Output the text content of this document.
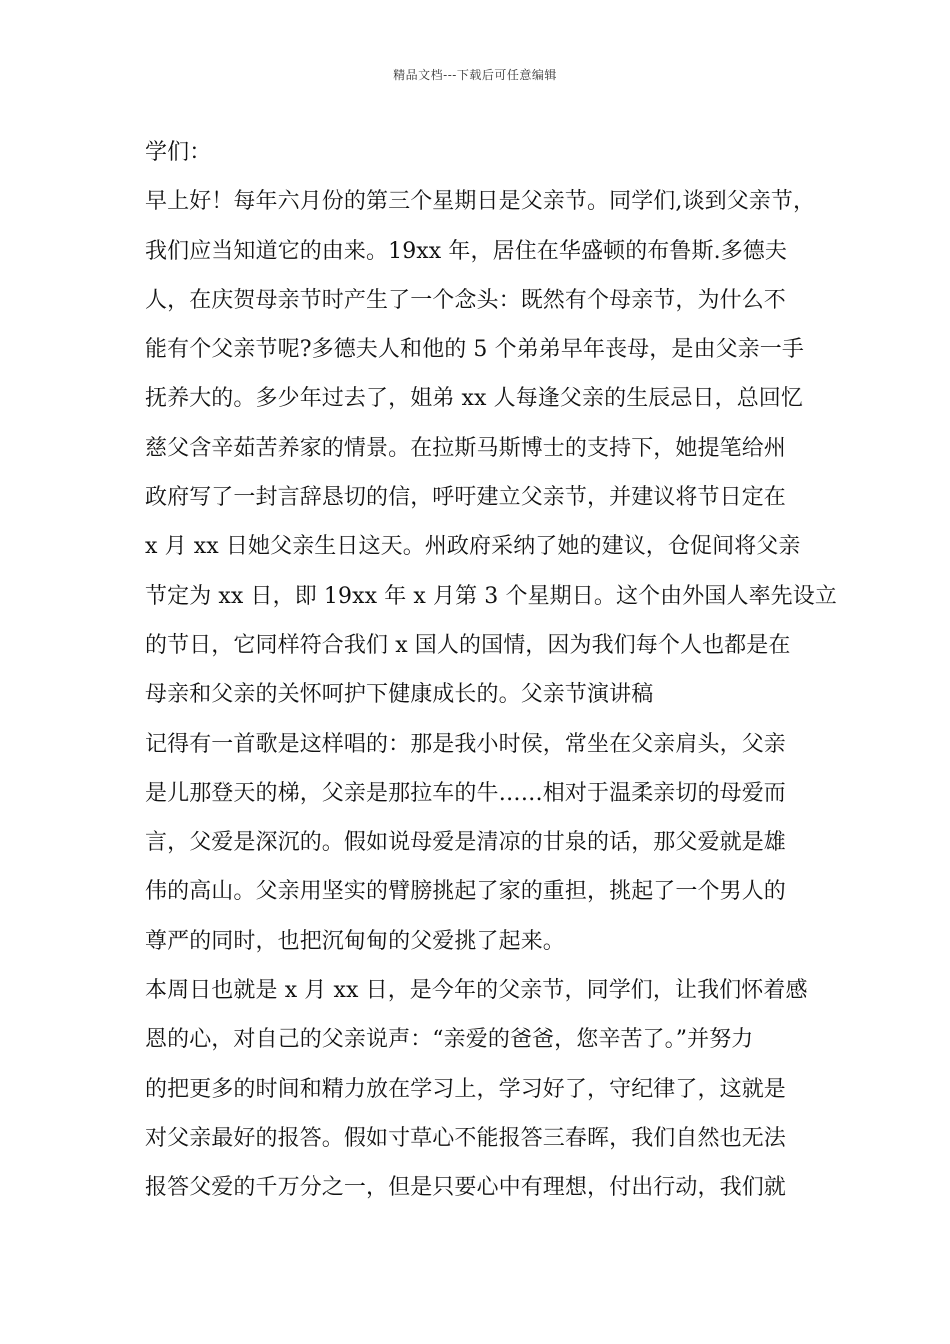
精品文档---下载后可任意编辑
学们：
早上好！每年六月份的第三个星期日是父亲节。同学们,谈到父亲节，
我们应当知道它的由来。19xx 年，居住在华盛顿的布鲁斯.多德夫
人，在庆贺母亲节时产生了一个念头：既然有个母亲节，为什么不
能有个父亲节呢?多德夫人和他的 5 个弟弟早年丧母，是由父亲一手
抚养大的。多少年过去了，姐弟 xx 人每逢父亲的生辰忌日，总回忆
慈父含辛茹苦养家的情景。在拉斯马斯博士的支持下，她提笔给州
政府写了一封言辞恳切的信，呼吁建立父亲节，并建议将节日定在
x 月 xx 日她父亲生日这天。州政府采纳了她的建议，仓促间将父亲
节定为 xx 日，即 19xx 年 x 月第 3 个星期日。这个由外国人率先设立
的节日，它同样符合我们 x 国人的国情，因为我们每个人也都是在
母亲和父亲的关怀呵护下健康成长的。父亲节演讲稿
记得有一首歌是这样唱的：那是我小时侯，常坐在父亲肩头，父亲
是儿那登天的梯，父亲是那拉车的牛……相对于温柔亲切的母爱而
言，父爱是深沉的。假如说母爱是清凉的甘泉的话，那父爱就是雄
伟的高山。父亲用坚实的臂膀挑起了家的重担，挑起了一个男人的
尊严的同时，也把沉甸甸的父爱挑了起来。
本周日也就是 x 月 xx 日，是今年的父亲节，同学们，让我们怀着感
恩的心，对自己的父亲说声：“亲爱的爸爸，您辛苦了。”并努力
的把更多的时间和精力放在学习上，学习好了，守纪律了，这就是
对父亲最好的报答。假如寸草心不能报答三春晖，我们自然也无法
报答父爱的千万分之一，但是只要心中有理想，付出行动，我们就
